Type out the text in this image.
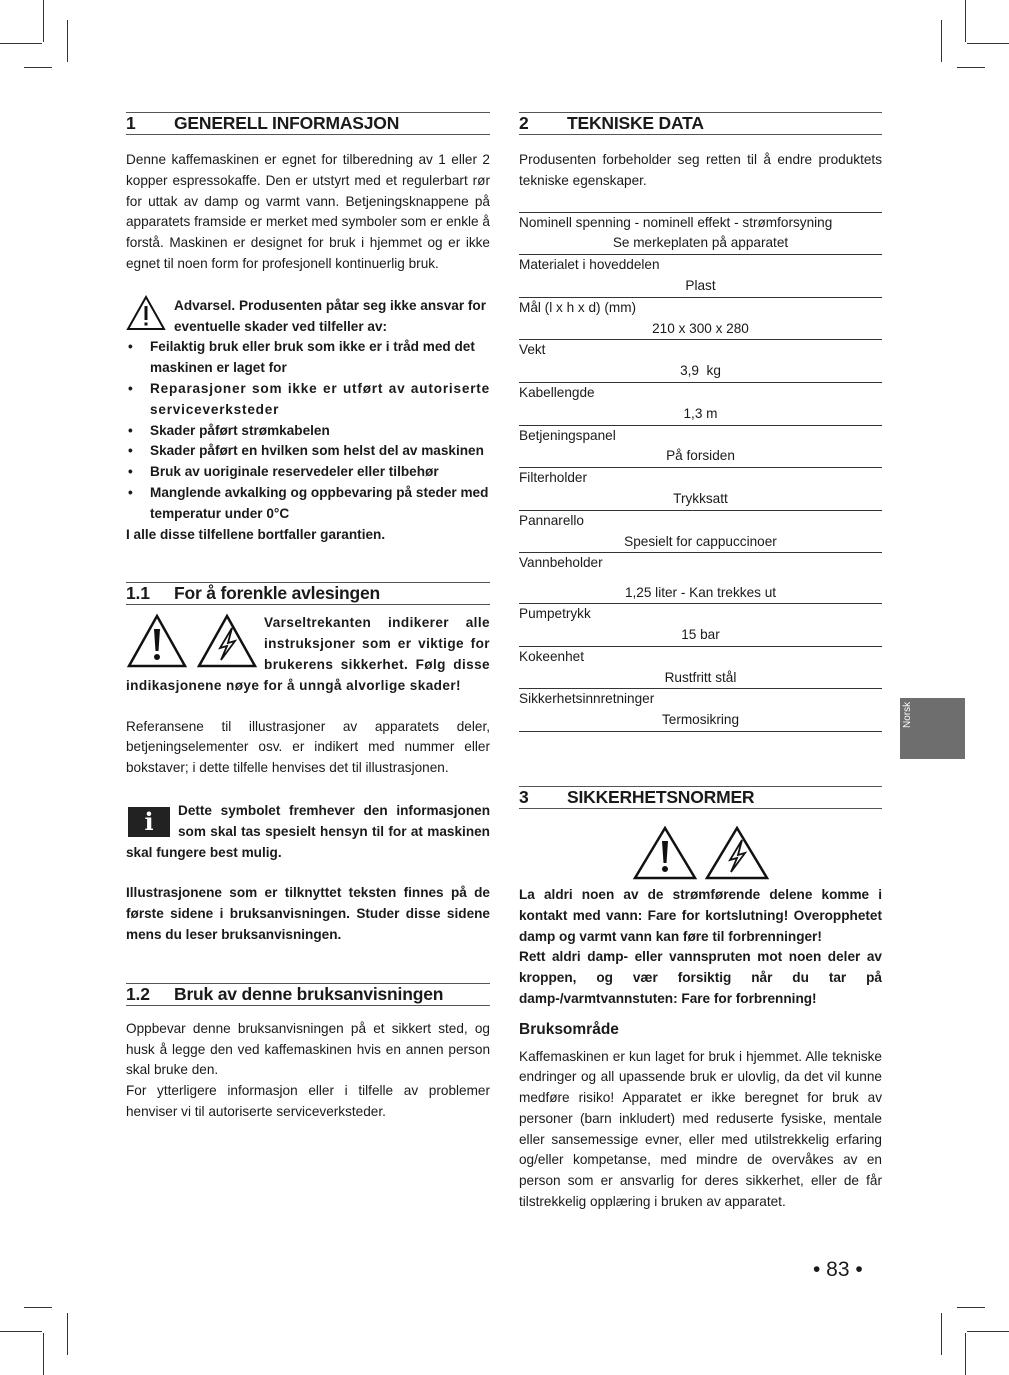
1	GENERELL INFORMASJON

Denne kaffemaskinen er egnet for tilberedning av 1 eller 2 kopper espressokaffe. Den er utstyrt med et regulerbart rør for uttak av damp og varmt vann. Betjeningsknappene på apparatets framside er merket med symboler som er enkle å forstå. Maskinen er designet for bruk i hjemmet og er ikke egnet til noen form for profesjonell kontinuerlig bruk.

Advarsel. Produsenten påtar seg ikke ansvar for eventuelle skader ved tilfeller av:
• Feilaktig bruk eller bruk som ikke er i tråd med det maskinen er laget for
• Reparasjoner som ikke er utført av autoriserte serviceverksteder
• Skader påført strømkabelen
• Skader påført en hvilken som helst del av maskinen
• Bruk av uoriginale reservedeler eller tilbehør
• Manglende avkalking og oppbevaring på steder med temperatur under 0°C

I alle disse tilfellene bortfaller garantien.

1.1	For å forenkle avlesingen

Varseltrekanten indikerer alle instruksjoner som er viktige for brukerens sikkerhet. Følg disse indikasjonene nøye for å unngå alvorlige skader!

Referansene til illustrasjoner av apparatets deler, betjeningselementer osv. er indikert med nummer eller bokstaver; i dette tilfelle henvises det til illustrasjonen.

i	Dette symbolet fremhever den informasjonen som skal tas spesielt hensyn til for at maskinen skal fungere best mulig.

Illustrasjonene som er tilknyttet teksten finnes på de første sidene i bruksanvisningen. Studer disse sidene mens du leser bruksanvisningen.

1.2	Bruk av denne bruksanvisningen

Oppbevar denne bruksanvisningen på et sikkert sted, og husk å legge den ved kaffemaskinen hvis en annen person skal bruke den.

For ytterligere informasjon eller i tilfelle av problemer henviser vi til autoriserte serviceverksteder.

2	TEKNISKE DATA

Produsenten forbeholder seg retten til å endre produktets tekniske egenskaper.

Nominell spenning - nominell effekt - strømforsyning
Se merkeplaten på apparatet
Materialet i hoveddelen
Plast
Mål (l x h x d) (mm)
210 x 300 x 280
Vekt
3,9  kg
Kabellengde
1,3 m
Betjeningspanel
På forsiden
Filterholder
Trykksatt
Pannarello
Spesielt for cappuccinoer
Vannbeholder
1,25 liter - Kan trekkes ut
Pumpetrykk
15 bar
Kokeenhet
Rustfritt stål
Sikkerhetsinnretninger
Termosikring
3	SIKKERHETSNORMER

La aldri noen av de strømførende delene komme i kontakt med vann: Fare for kortslutning! Overopphetet damp og varmt vann kan føre til forbrenninger!

Rett aldri damp- eller vannspruten mot noen deler av kroppen, og vær forsiktig når du tar på damp-/varmtvannstuten: Fare for forbrenning!

Bruksområde

Kaffemaskinen er kun laget for bruk i hjemmet. Alle tekniske endringer og all upassende bruk er ulovlig, da det vil kunne medføre risiko! Apparatet er ikke beregnet for bruk av personer (barn inkludert) med reduserte fysiske, mentale eller sansemessige evner, eller med utilstrekkelig erfaring og/eller kompetanse, med mindre de overvåkes av en person som er ansvarlig for deres sikkerhet, eller de får tilstrekkelig opplæring i bruken av apparatet.

Norsk
• 83 •
